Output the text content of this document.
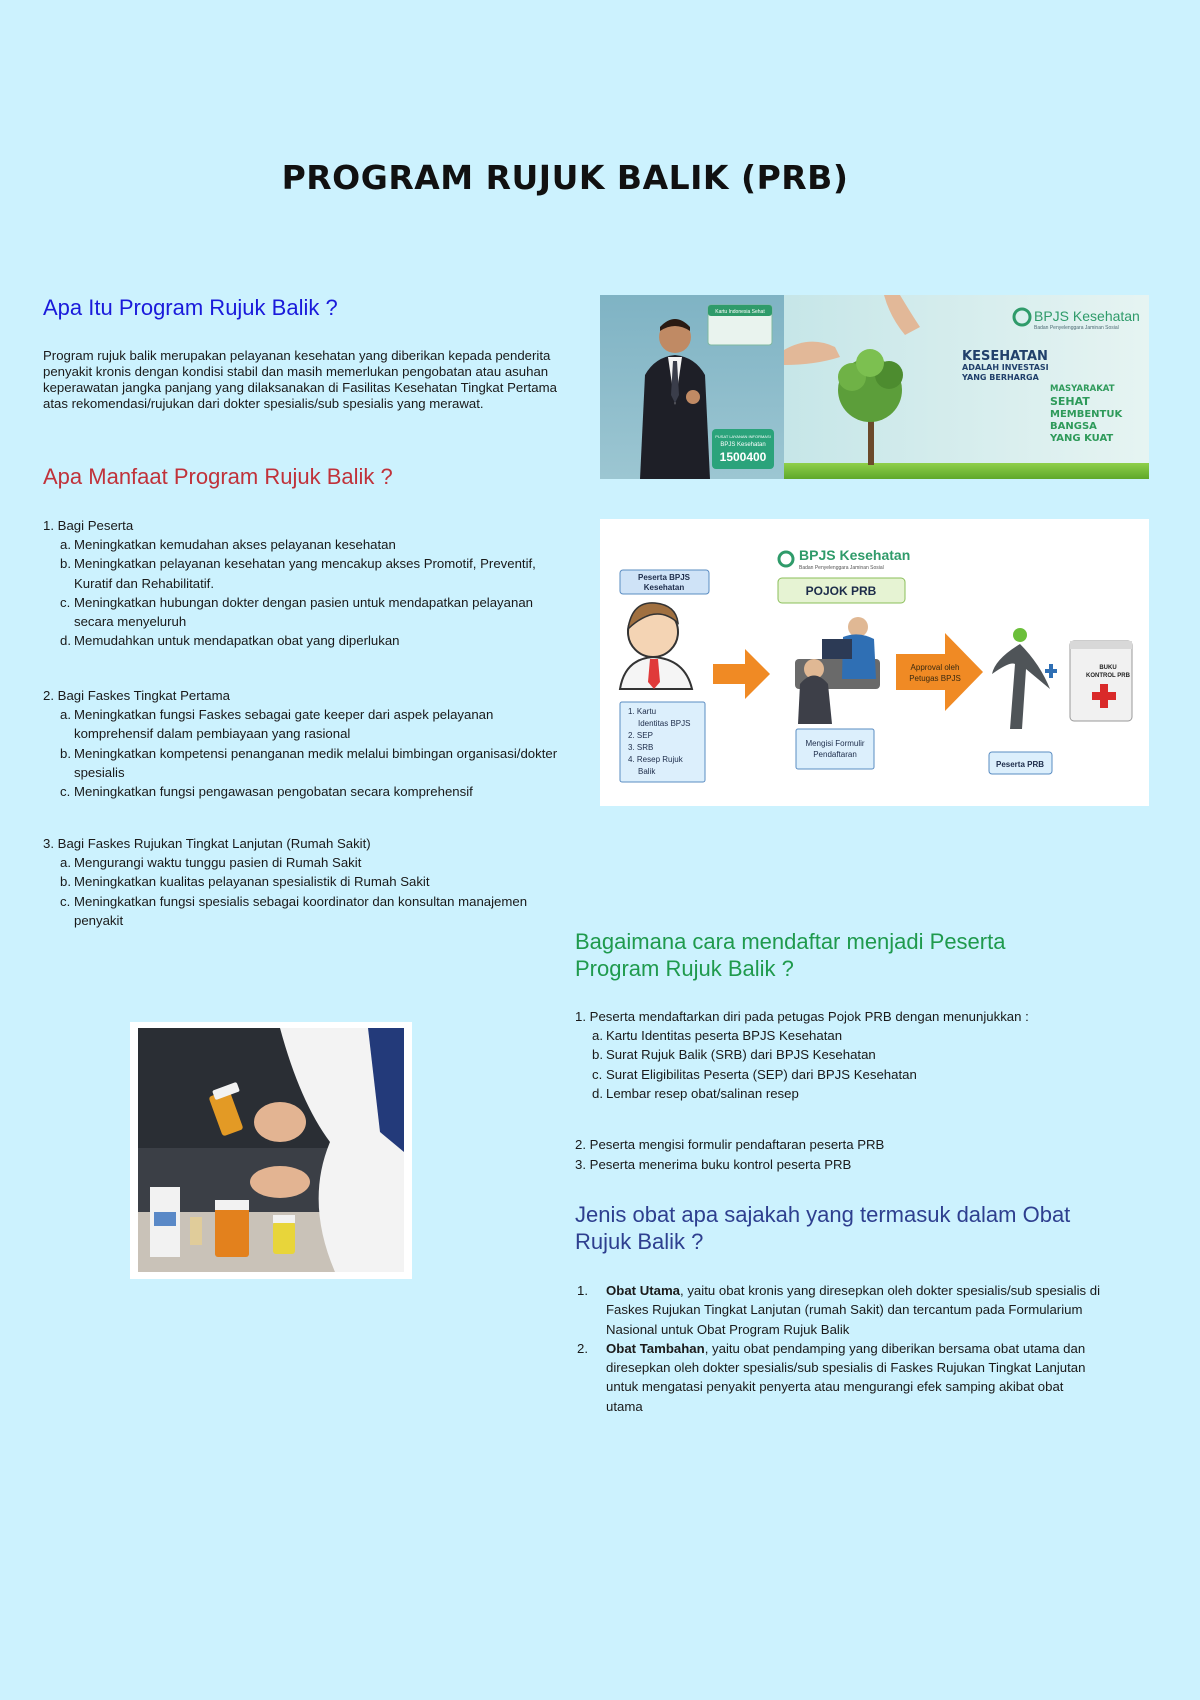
PROGRAM RUJUK BALIK (PRB)
Apa Itu Program Rujuk Balik ?
Program rujuk balik merupakan pelayanan kesehatan yang diberikan kepada penderita penyakit kronis dengan kondisi stabil dan masih memerlukan pengobatan atau asuhan keperawatan jangka panjang yang dilaksanakan di Fasilitas Kesehatan Tingkat Pertama atas rekomendasi/rujukan dari dokter spesialis/sub spesialis yang merawat.
Apa Manfaat Program Rujuk Balik ?
1. Bagi Peserta
a. Meningkatkan kemudahan akses pelayanan kesehatan
b. Meningkatkan pelayanan kesehatan yang mencakup akses Promotif, Preventif,
Kuratif dan Rehabilitatif.
c. Meningkatkan hubungan dokter dengan pasien untuk mendapatkan pelayanan
secara menyeluruh
d. Memudahkan untuk mendapatkan obat yang diperlukan
2. Bagi Faskes Tingkat Pertama
a. Meningkatkan fungsi Faskes sebagai gate keeper dari aspek pelayanan
komprehensif dalam pembiayaan yang rasional
b. Meningkatkan kompetensi penanganan medik melalui bimbingan organisasi/dokter
spesialis
c. Meningkatkan fungsi pengawasan pengobatan secara komprehensif
3. Bagi Faskes Rujukan Tingkat Lanjutan (Rumah Sakit)
a. Mengurangi waktu tunggu pasien di Rumah Sakit
b. Meningkatkan kualitas pelayanan spesialistik di Rumah Sakit
c. Meningkatkan fungsi spesialis sebagai koordinator dan konsultan manajemen
penyakit
Kartu Indonesia Sehat
PUSAT LAYANAN INFORMASI
BPJS Kesehatan
1500400
BPJS Kesehatan
Badan Penyelenggara Jaminan Sosial
KESEHATAN
ADALAH INVESTASI
YANG BERHARGA
MASYARAKAT
SEHAT
MEMBENTUK
BANGSA
YANG KUAT
BPJS Kesehatan
Badan Penyelenggara Jaminan Sosial
Peserta BPJS
Kesehatan
1. Kartu
Identitas BPJS
2. SEP
3. SRB
4. Resep Rujuk
Balik
POJOK PRB
Mengisi Formulir
Pendaftaran
Approval oleh
Petugas BPJS
Peserta PRB
BUKU
KONTROL PRB
Bagaimana cara mendaftar menjadi Peserta
Program Rujuk Balik ?
1. Peserta mendaftarkan diri pada petugas Pojok PRB dengan menunjukkan :
a. Kartu Identitas peserta BPJS Kesehatan
b. Surat Rujuk Balik (SRB) dari BPJS Kesehatan
c. Surat Eligibilitas Peserta (SEP) dari BPJS Kesehatan
d. Lembar resep obat/salinan resep
2. Peserta mengisi formulir pendaftaran peserta PRB
3. Peserta menerima buku kontrol peserta PRB
Jenis obat apa sajakah yang termasuk dalam Obat
Rujuk Balik ?
1. Obat Utama, yaitu obat kronis yang diresepkan oleh dokter spesialis/sub spesialis di
Faskes Rujukan Tingkat Lanjutan (rumah Sakit) dan tercantum pada Formularium
Nasional untuk Obat Program Rujuk Balik
2. Obat Tambahan, yaitu obat pendamping yang diberikan bersama obat utama dan
diresepkan oleh dokter spesialis/sub spesialis di Faskes Rujukan Tingkat Lanjutan
untuk mengatasi penyakit penyerta atau mengurangi efek samping akibat obat
utama
